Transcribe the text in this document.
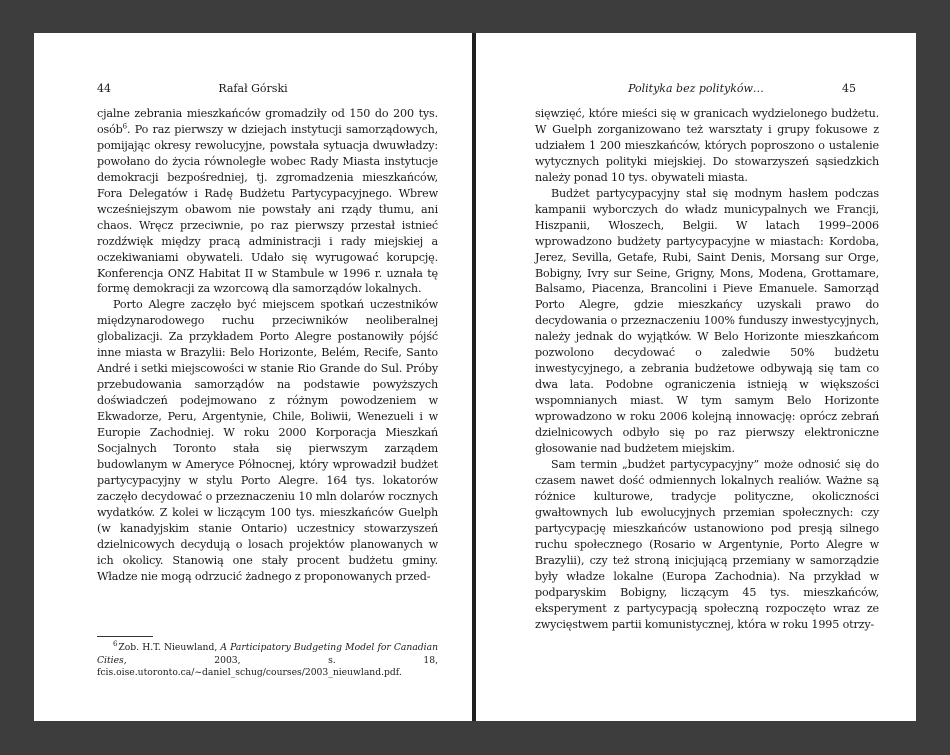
44	Rafał Górski

cjalne zebrania mieszkańców gromadziły od 150 do 200 tys. osób$^6$. Po raz pierwszy w dziejach instytucji samorządowych, pomijając okresy rewolucyjne, powstała sytuacja dwuwładzy: powołano do życia równoległe wobec Rady Miasta instytucje demokracji bezpośredniej, tj. zgromadzenia mieszkańców, Fora Delegatów i Radę Budżetu Partycypacyjnego. Wbrew wcześniejszym obawom nie powstały ani rządy tłumu, ani chaos. Wręcz przeciwnie, po raz pierwszy przestał istnieć rozdźwięk między pracą administracji i rady miejskiej a oczekiwaniami obywateli. Udało się wyrugować korupcję. Konferencja ONZ Habitat II w Stambule w 1996 r. uznała tę formę demokracji za wzorcową dla samorządów lokalnych.

Porto Alegre zaczęło być miejscem spotkań uczestników międzynarodowego ruchu przeciwników neoliberalnej globalizacji. Za przykładem Porto Alegre postanowiły pójść inne miasta w Brazylii: Belo Horizonte, Belém, Recife, Santo André i setki miejscowości w stanie Rio Grande do Sul. Próby przebudowania samorządów na podstawie powyższych doświadczeń podejmowano z różnym powodzeniem w Ekwadorze, Peru, Argentynie, Chile, Boliwii, Wenezueli i w Europie Zachodniej. W roku 2000 Korporacja Mieszkań Socjalnych Toronto stała się pierwszym zarządem budowlanym w Ameryce Północnej, który wprowadził budżet partycypacyjny w stylu Porto Alegre. 164 tys. lokatorów zaczęło decydować o przeznaczeniu 10 mln dolarów rocznych wydatków. Z kolei w liczącym 100 tys. mieszkańców Guelph (w kanadyjskim stanie Ontario) uczestnicy stowarzyszeń dzielnicowych decydują o losach projektów planowanych w ich okolicy. Stanowią one stały procent budżetu gminy. Władze nie mogą odrzucić żadnego z proponowanych przed-

$^6$ Zob. H.T. Nieuwland, A Participatory Budgeting Model for Canadian Cities, 2003, s. 18, fcis.oise.utoronto.ca/~daniel_schug/courses/2003_nieuwland.pdf.
Polityka bez polityków…	45

sięwzięć, które mieści się w granicach wydzielonego budżetu. W Guelph zorganizowano też warsztaty i grupy fokusowe z udziałem 1 200 mieszkańców, których poproszono o ustalenie wytycznych polityki miejskiej. Do stowarzyszeń sąsiedzkich należy ponad 10 tys. obywateli miasta.

Budżet partycypacyjny stał się modnym hasłem podczas kampanii wyborczych do władz municypalnych we Francji, Hiszpanii, Włoszech, Belgii. W latach 1999–2006 wprowadzono budżety partycypacyjne w miastach: Kordoba, Jerez, Sevilla, Getafe, Rubi, Saint Denis, Morsang sur Orge, Bobigny, Ivry sur Seine, Grigny, Mons, Modena, Grottamare, Balsamo, Piacenza, Brancolini i Pieve Emanuele. Samorząd Porto Alegre, gdzie mieszkańcy uzyskali prawo do decydowania o przeznaczeniu 100% funduszy inwestycyjnych, należy jednak do wyjątków. W Belo Horizonte mieszkańcom pozwolono decydować o zaledwie 50% budżetu inwestycyjnego, a zebrania budżetowe odbywają się tam co dwa lata. Podobne ograniczenia istnieją w większości wspomnianych miast. W tym samym Belo Horizonte wprowadzono w roku 2006 kolejną innowację: oprócz zebrań dzielnicowych odbyło się po raz pierwszy elektroniczne głosowanie nad budżetem miejskim.

Sam termin „budżet partycypacyjny” może odnosić się do czasem nawet dość odmiennych lokalnych realiów. Ważne są różnice kulturowe, tradycje polityczne, okoliczności gwałtownych lub ewolucyjnych przemian społecznych: czy partycypację mieszkańców ustanowiono pod presją silnego ruchu społecznego (Rosario w Argentynie, Porto Alegre w Brazylii), czy też stroną inicjującą przemiany w samorządzie były władze lokalne (Europa Zachodnia). Na przykład w podparyskim Bobigny, liczącym 45 tys. mieszkańców, eksperyment z partycypacją społeczną rozpoczęto wraz ze zwycięstwem partii komunistycznej, która w roku 1995 otrzy-
